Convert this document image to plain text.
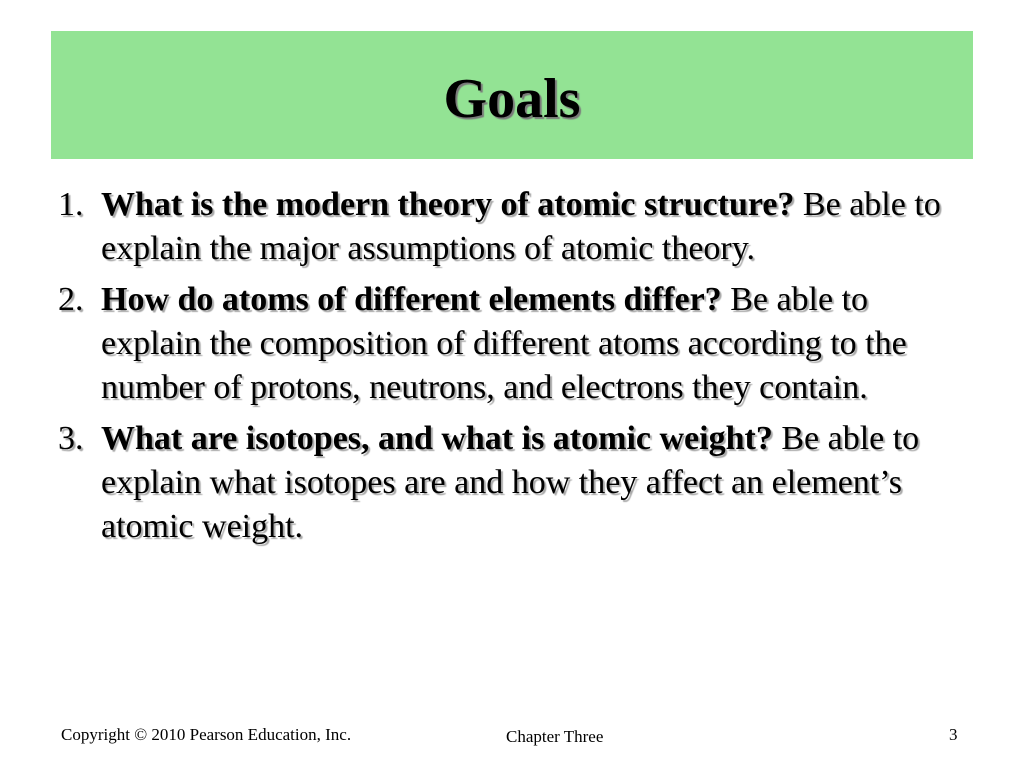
Goals
1. What is the modern theory of atomic structure? Be able to explain the major assumptions of atomic theory.
2. How do atoms of different elements differ? Be able to explain the composition of different atoms according to the number of protons, neutrons, and electrons they contain.
3. What are isotopes, and what is atomic weight? Be able to explain what isotopes are and how they affect an element’s atomic weight.
Copyright © 2010 Pearson Education, Inc.	Chapter Three	3
